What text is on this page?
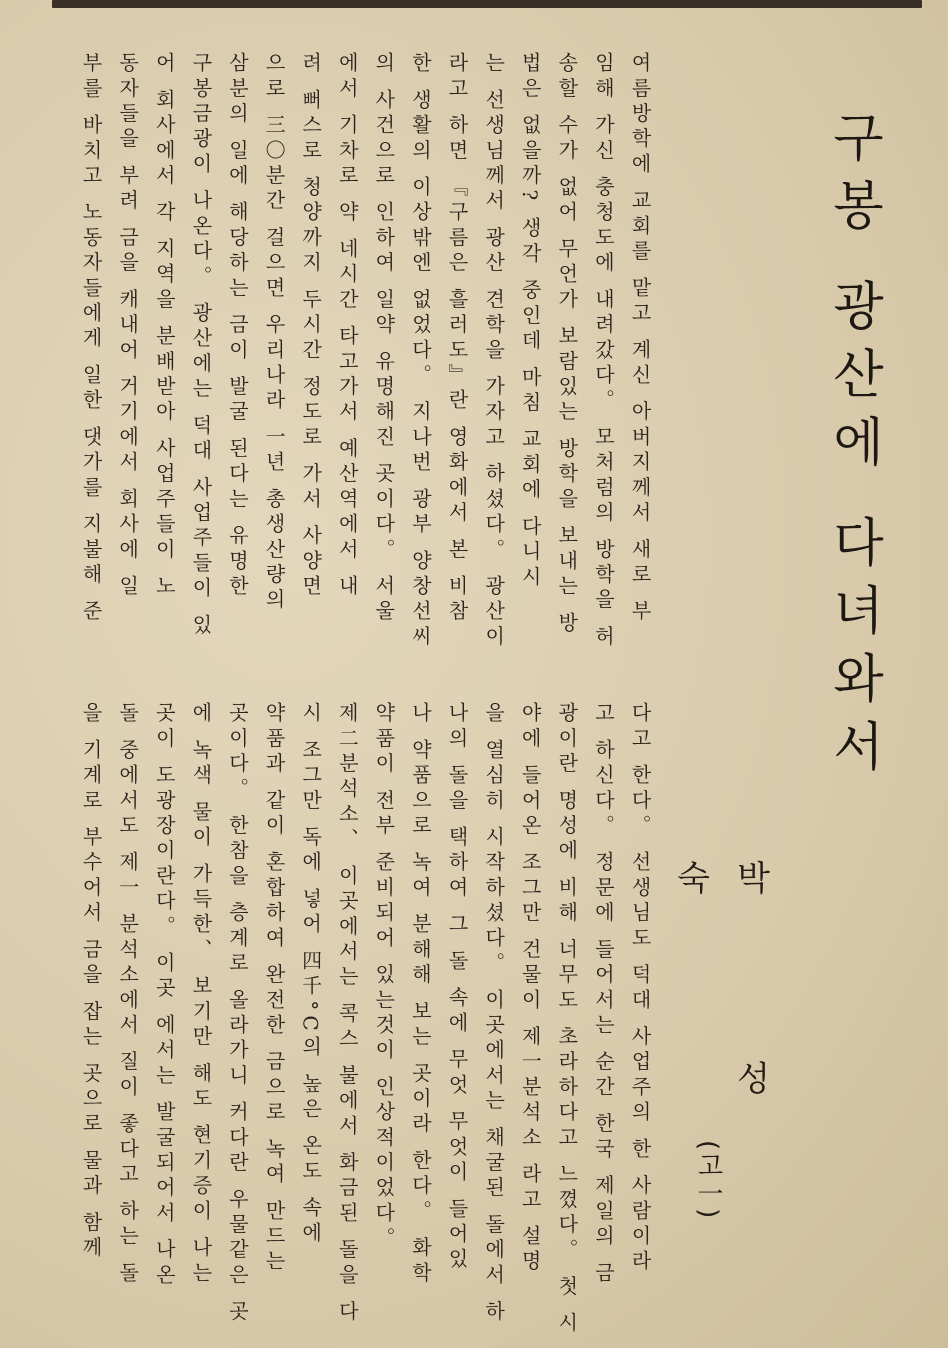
구봉 광산에 다녀와서
박 성 숙
(고一)
여름방학에 교회를 맡고 계신 아버지께서 새로 부
임해 가신 충청도에 내려갔다。 모처럼의 방학을 허
송할 수가 없어 무언가 보람있는 방학을 보내는 방
법은 없을까? 생각 중인데 마침 교회에 다니시
는 선생님께서 광산 견학을 가자고 하셨다。 광산이
라고 하면 『구름은 흘러도』란 영화에서 본 비참
한 생활의 이상밖엔 없었다。 지나번 광부 양창선씨
의 사건으로 인하여 일약 유명해진 곳이다。 서울
에서 기차로 약 네시간 타고가서 예산역에서 내
려 뻐스로 청양까지 두시간 정도로 가서 사양면
으로 三〇분간 걸으면 우리나라 一년 총생산량의
삼분의 일에 해당하는 금이 발굴 된다는 유명한
구봉금광이 나온다。 광산에는 덕대 사업주들이 있
어 회사에서 각 지역을 분배받아 사업주들이 노
동자들을 부려 금을 캐내어 거기에서 회사에 일
부를 바치고 노동자들에게 일한 댓가를 지불해 준
다고 한다。 선생님도 덕대 사업주의 한 사람이라
고 하신다。 정문에 들어서는 순간 한국 제일의 금
광이란 명성에 비해 너무도 초라하다고 느꼈다。 첫 시
야에 들어온 조그만 건물이 제一분석소 라고 설명
을 열심히 시작하셨다。 이곳에서는 채굴된 돌에서 하
나의 돌을 택하여 그 돌 속에 무엇 무엇이 들어있
나 약품으로 녹여 분해해 보는 곳이라 한다。 화학
약품이 전부 준비되어 있는것이 인상적이었다。
제二분석소、 이곳에서는 콕스 불에서 화금된 돌을 다
시 조그만 독에 넣어 四千°C의 높은 온도 속에
약품과 같이 혼합하여 완전한 금으로 녹여 만드는
곳이다。 한참을 층계로 올라가니 커다란 우물같은 곳
에 녹색 물이 가득한、 보기만 해도 현기증이 나는
곳이 도광장이란다。 이곳 에서는 발굴되어서 나온
돌 중에서도 제一 분석소에서 질이 좋다고 하는 돌
을 기계로 부수어서 금을 잡는 곳으로 물과 함께
